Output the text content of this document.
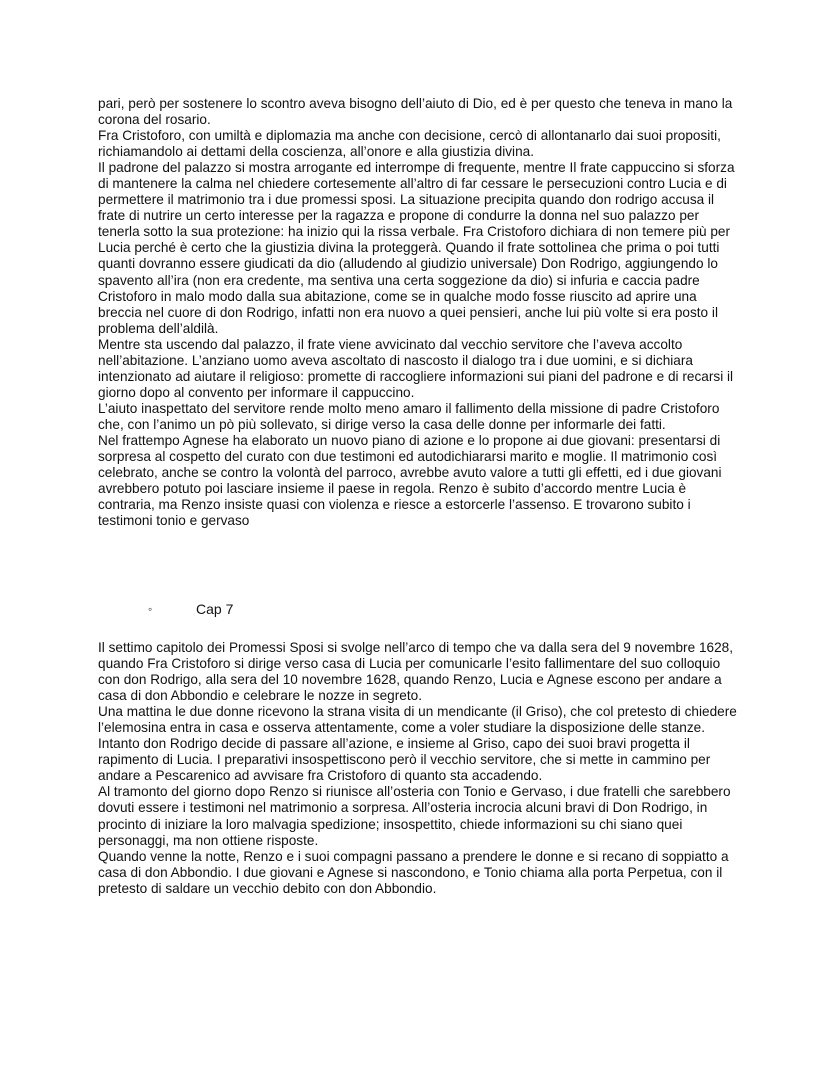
pari, però per sostenere lo scontro aveva bisogno dell’aiuto di Dio, ed è per questo che teneva in mano la corona del rosario.

Fra Cristoforo, con umiltà e diplomazia ma anche con decisione, cercò di allontanarlo dai suoi propositi, richiamandolo ai dettami della coscienza, all’onore e alla giustizia divina.

Il padrone del palazzo si mostra arrogante ed interrompe di frequente, mentre Il frate cappuccino si sforza di mantenere la calma nel chiedere cortesemente all’altro di far cessare le persecuzioni contro Lucia e di permettere il matrimonio tra i due promessi sposi. La situazione precipita quando don rodrigo accusa il frate di nutrire un certo interesse per la ragazza e propone di condurre la donna nel suo palazzo per tenerla sotto la sua protezione: ha inizio qui la rissa verbale. Fra Cristoforo dichiara di non temere più per Lucia perché è certo che la giustizia divina la proteggerà. Quando il frate sottolinea che prima o poi tutti quanti dovranno essere giudicati da dio (alludendo al giudizio universale) Don Rodrigo, aggiungendo lo spavento all’ira (non era credente, ma sentiva una certa soggezione da dio) si infuria e caccia padre Cristoforo in malo modo dalla sua abitazione, come se in qualche modo fosse riuscito ad aprire una breccia nel cuore di don Rodrigo, infatti non era nuovo a quei pensieri, anche lui più volte si era posto il problema dell’aldilà.

Mentre sta uscendo dal palazzo, il frate viene avvicinato dal vecchio servitore che l’aveva accolto nell’abitazione. L’anziano uomo aveva ascoltato di nascosto il dialogo tra i due uomini, e si dichiara intenzionato ad aiutare il religioso: promette di raccogliere informazioni sui piani del padrone e di recarsi il giorno dopo al convento per informare il cappuccino.

L’aiuto inaspettato del servitore rende molto meno amaro il fallimento della missione di padre Cristoforo che, con l’animo un pò più sollevato, si dirige verso la casa delle donne per informarle dei fatti.

Nel frattempo Agnese ha elaborato un nuovo piano di azione e lo propone ai due giovani: presentarsi di sorpresa al cospetto del curato con due testimoni ed autodichiararsi marito e moglie. Il matrimonio così celebrato, anche se contro la volontà del parroco, avrebbe avuto valore a tutti gli effetti, ed i due giovani avrebbero potuto poi lasciare insieme il paese in regola. Renzo è subito d’accordo mentre Lucia è contraria, ma Renzo insiste quasi con violenza e riesce a estorcerle l’assenso. E trovarono subito i testimoni tonio e gervaso

◦	Cap 7

Il settimo capitolo dei Promessi Sposi si svolge nell’arco di tempo che va dalla sera del 9 novembre 1628, quando Fra Cristoforo si dirige verso casa di Lucia per comunicarle l’esito fallimentare del suo colloquio con don Rodrigo, alla sera del 10 novembre 1628, quando Renzo, Lucia e Agnese escono per andare a casa di don Abbondio e celebrare le nozze in segreto.

Una mattina le due donne ricevono la strana visita di un mendicante (il Griso), che col pretesto di chiedere l’elemosina entra in casa e osserva attentamente, come a voler studiare la disposizione delle stanze.

Intanto don Rodrigo decide di passare all’azione, e insieme al Griso, capo dei suoi bravi progetta il rapimento di Lucia. I preparativi insospettiscono però il vecchio servitore, che si mette in cammino per andare a Pescarenico ad avvisare fra Cristoforo di quanto sta accadendo.

Al tramonto del giorno dopo Renzo si riunisce all’osteria con Tonio e Gervaso, i due fratelli che sarebbero dovuti essere i testimoni nel matrimonio a sorpresa. All’osteria incrocia alcuni bravi di Don Rodrigo, in procinto di iniziare la loro malvagia spedizione; insospettito, chiede informazioni su chi siano quei personaggi, ma non ottiene risposte.

Quando venne la notte, Renzo e i suoi compagni passano a prendere le donne e si recano di soppiatto a casa di don Abbondio. I due giovani e Agnese si nascondono, e Tonio chiama alla porta Perpetua, con il pretesto di saldare un vecchio debito con don Abbondio.
